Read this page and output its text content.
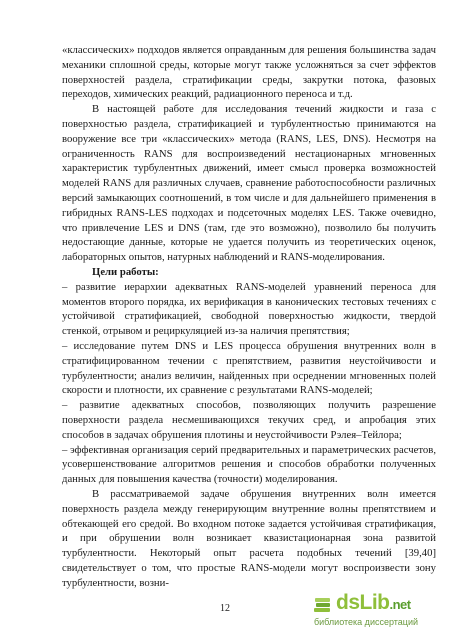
«классических» подходов является оправданным для решения большинства задач механики сплошной среды, которые могут также усложняться за счет эффектов поверхностей раздела, стратификации среды, закрутки потока, фазовых переходов, химических реакций, радиационного переноса и т.д.

В настоящей работе для исследования течений жидкости и газа с поверхностью раздела, стратификацией и турбулентностью принимаются на вооружение все три «классических» метода (RANS, LES, DNS). Несмотря на ограниченность RANS для воспроизведений нестационарных мгновенных характеристик турбулентных движений, имеет смысл проверка возможностей моделей RANS для различных случаев, сравнение работоспособности различных версий замыкающих соотношений, в том числе и для дальнейшего применения в гибридных RANS-LES подходах и подсеточных моделях LES. Также очевидно, что привлечение LES и DNS (там, где это возможно), позволило бы получить недостающие данные, которые не удается получить из теоретических оценок, лабораторных опытов, натурных наблюдений и RANS-моделирования.

Цели работы:

– развитие иерархии адекватных RANS-моделей уравнений переноса для моментов второго порядка, их верификация в канонических тестовых течениях с устойчивой стратификацией, свободной поверхностью жидкости, твердой стенкой, отрывом и рециркуляцией из-за наличия препятствия;

– исследование путем DNS и LES процесса обрушения внутренних волн в стратифицированном течении с препятствием, развития неустойчивости и турбулентности; анализ величин, найденных при осреднении мгновенных полей скорости и плотности, их сравнение с результатами RANS-моделей;

– развитие адекватных способов, позволяющих получить разрешение поверхности раздела несмешивающихся текучих сред, и апробация этих способов в задачах обрушения плотины и неустойчивости Рэлея–Тейлора;

– эффективная организация серий предварительных и параметрических расчетов, усовершенствование алгоритмов решения и способов обработки полученных данных для повышения качества (точности) моделирования.

В рассматриваемой задаче обрушения внутренних волн имеется поверхность раздела между генерирующим внутренние волны препятствием и обтекающей его средой. Во входном потоке задается устойчивая стратификация, и при обрушении волн возникает квазистационарная зона развитой турбулентности. Некоторый опыт расчета подобных течений [39,40] свидетельствует о том, что простые RANS-модели могут воспроизвести зону турбулентности, возни-

12	dsLib.net
библиотека диссертаций
